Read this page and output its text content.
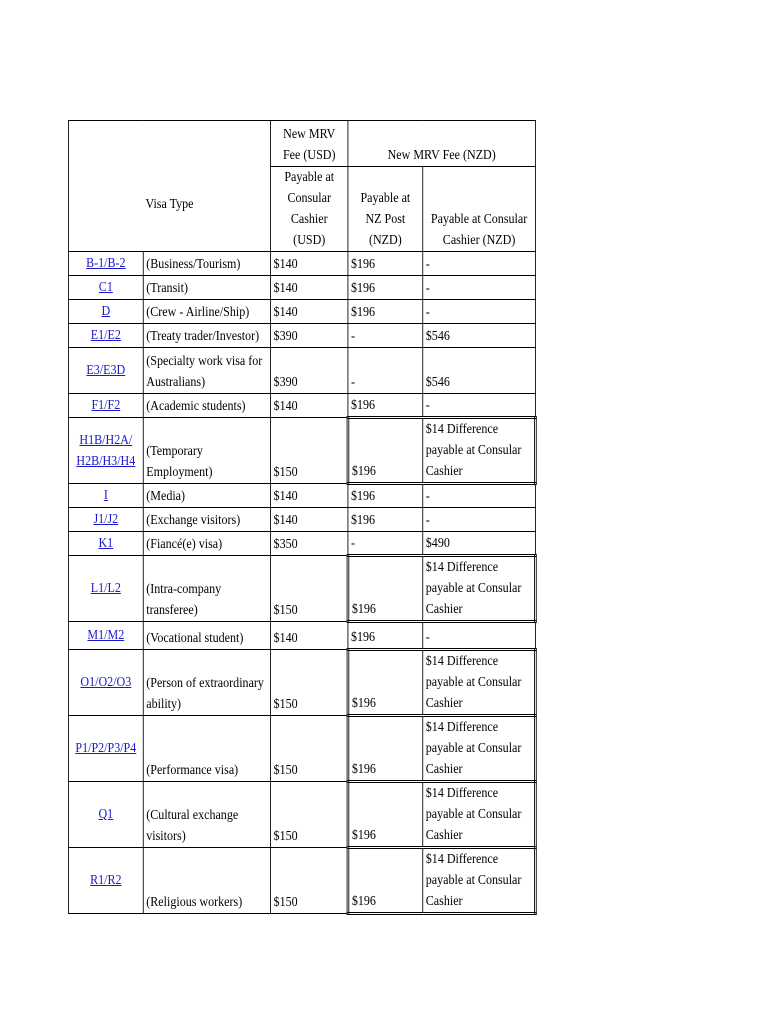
Visa Type		New MRV Fee (USD)	New MRV Fee (NZD)	
		Payable at Consular Cashier (USD)	Payable at NZ Post (NZD)	Payable at Consular Cashier (NZD)
B-1/B-2	(Business/Tourism)	$140	$196	-
C1	(Transit)	$140	$196	-
D	(Crew - Airline/Ship)	$140	$196	-
E1/E2	(Treaty trader/Investor)	$390	-	$546
E3/E3D	(Specialty work visa for Australians)	$390	-	$546
F1/F2	(Academic students)	$140	$196	-
H1B/H2A/ H2B/H3/H4	(Temporary Employment)	$150	$196	$14 Difference payable at Consular Cashier
I	(Media)	$140	$196	-
J1/J2	(Exchange visitors)	$140	$196	-
K1	(Fiancé(e) visa)	$350	-	$490
L1/L2	(Intra-company transferee)	$150	$196	$14 Difference payable at Consular Cashier
M1/M2	(Vocational student)	$140	$196	-
O1/O2/O3	(Person of extraordinary ability)	$150	$196	$14 Difference payable at Consular Cashier
P1/P2/P3/P4	(Performance visa)	$150	$196	$14 Difference payable at Consular Cashier
Q1	(Cultural exchange visitors)	$150	$196	$14 Difference payable at Consular Cashier
R1/R2	(Religious workers)	$150	$196	$14 Difference payable at Consular Cashier
